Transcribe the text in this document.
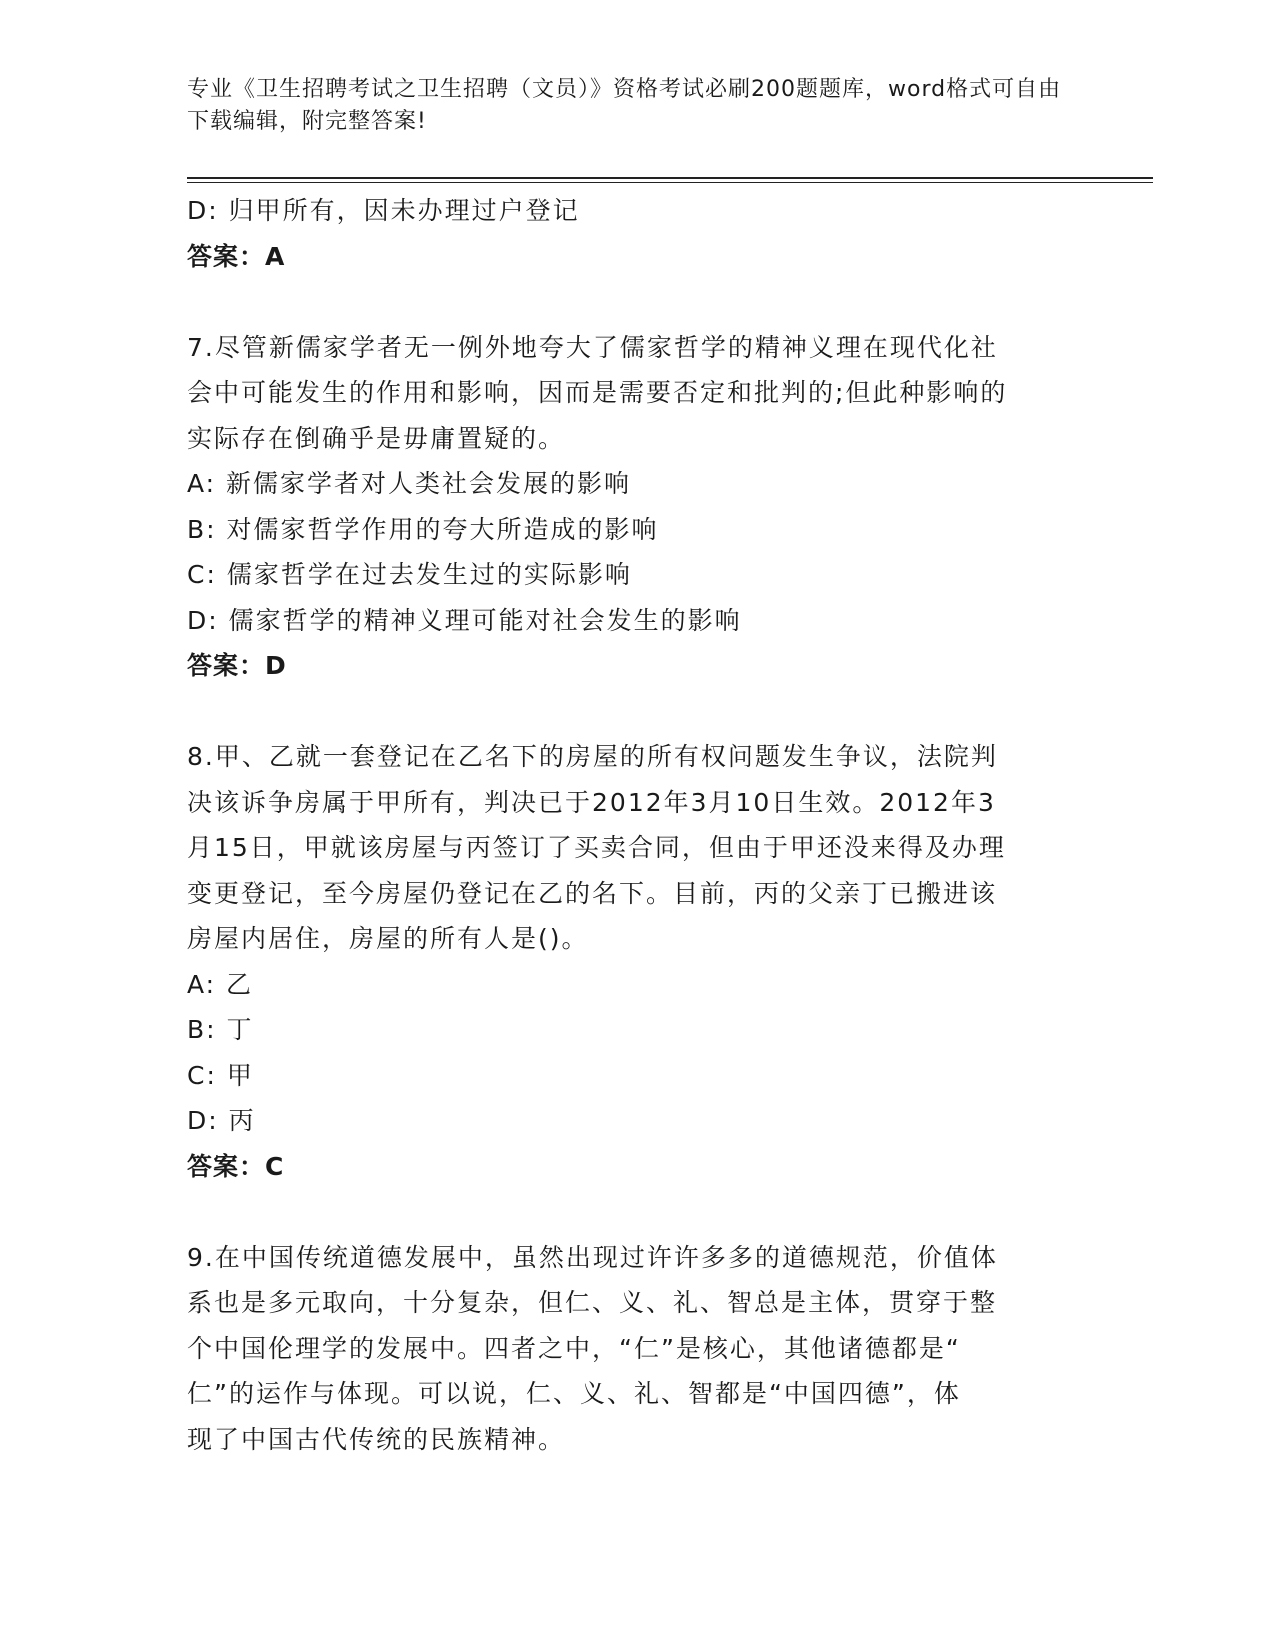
专业《卫生招聘考试之卫生招聘（文员）》资格考试必刷200题题库，word格式可自由下载编辑，附完整答案!
D: 归甲所有，因未办理过户登记
答案：A
7.尽管新儒家学者无一例外地夸大了儒家哲学的精神义理在现代化社
会中可能发生的作用和影响，因而是需要否定和批判的;但此种影响的
实际存在倒确乎是毋庸置疑的。
A: 新儒家学者对人类社会发展的影响
B: 对儒家哲学作用的夸大所造成的影响
C: 儒家哲学在过去发生过的实际影响
D: 儒家哲学的精神义理可能对社会发生的影响
答案：D
8.甲、乙就一套登记在乙名下的房屋的所有权问题发生争议，法院判
决该诉争房属于甲所有，判决已于2012年3月10日生效。2012年3
月15日，甲就该房屋与丙签订了买卖合同，但由于甲还没来得及办理
变更登记，至今房屋仍登记在乙的名下。目前，丙的父亲丁已搬进该
房屋内居住，房屋的所有人是()。
A: 乙
B: 丁
C: 甲
D: 丙
答案：C
9.在中国传统道德发展中，虽然出现过许许多多的道德规范，价值体
系也是多元取向，十分复杂，但仁、义、礼、智总是主体，贯穿于整
个中国伦理学的发展中。四者之中，“仁”是核心，其他诸德都是“
仁”的运作与体现。可以说，仁、义、礼、智都是“中国四德”，体
现了中国古代传统的民族精神。
